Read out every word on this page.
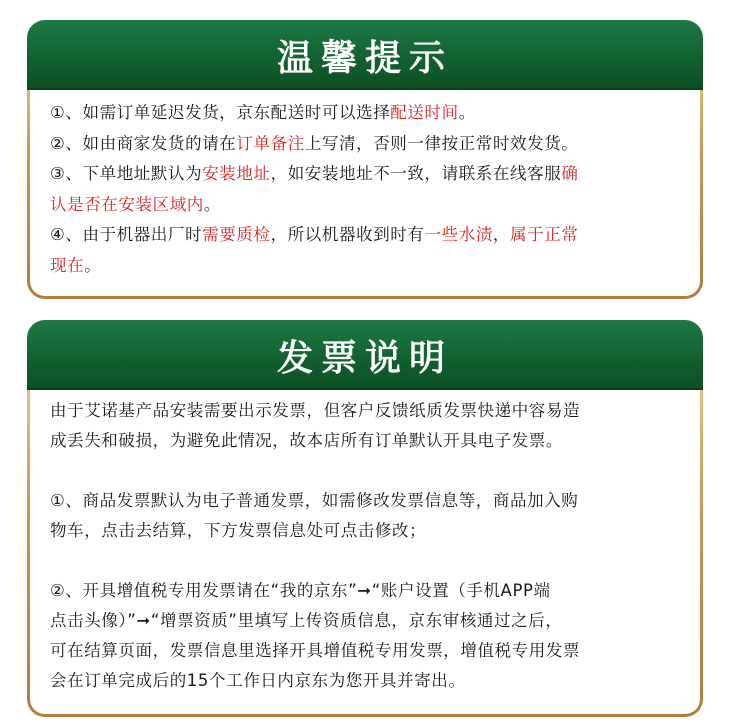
温馨提示
①、如需订单延迟发货，京东配送时可以选择配送时间。
②、如由商家发货的请在订单备注上写清，否则一律按正常时效发货。
③、下单地址默认为安装地址，如安装地址不一致，请联系在线客服确
认是否在安装区域内。
④、由于机器出厂时需要质检，所以机器收到时有一些水渍，属于正常
现在。
发票说明
由于艾诺基产品安装需要出示发票，但客户反馈纸质发票快递中容易造
成丢失和破损，为避免此情况，故本店所有订单默认开具电子发票。

①、商品发票默认为电子普通发票，如需修改发票信息等，商品加入购
物车，点击去结算，下方发票信息处可点击修改；

②、开具增值税专用发票请在“我的京东”➞“账户设置（手机APP端
点击头像）”➞“增票资质”里填写上传资质信息，京东审核通过之后，
可在结算页面，发票信息里选择开具增值税专用发票，增值税专用发票
会在订单完成后的15个工作日内京东为您开具并寄出。
